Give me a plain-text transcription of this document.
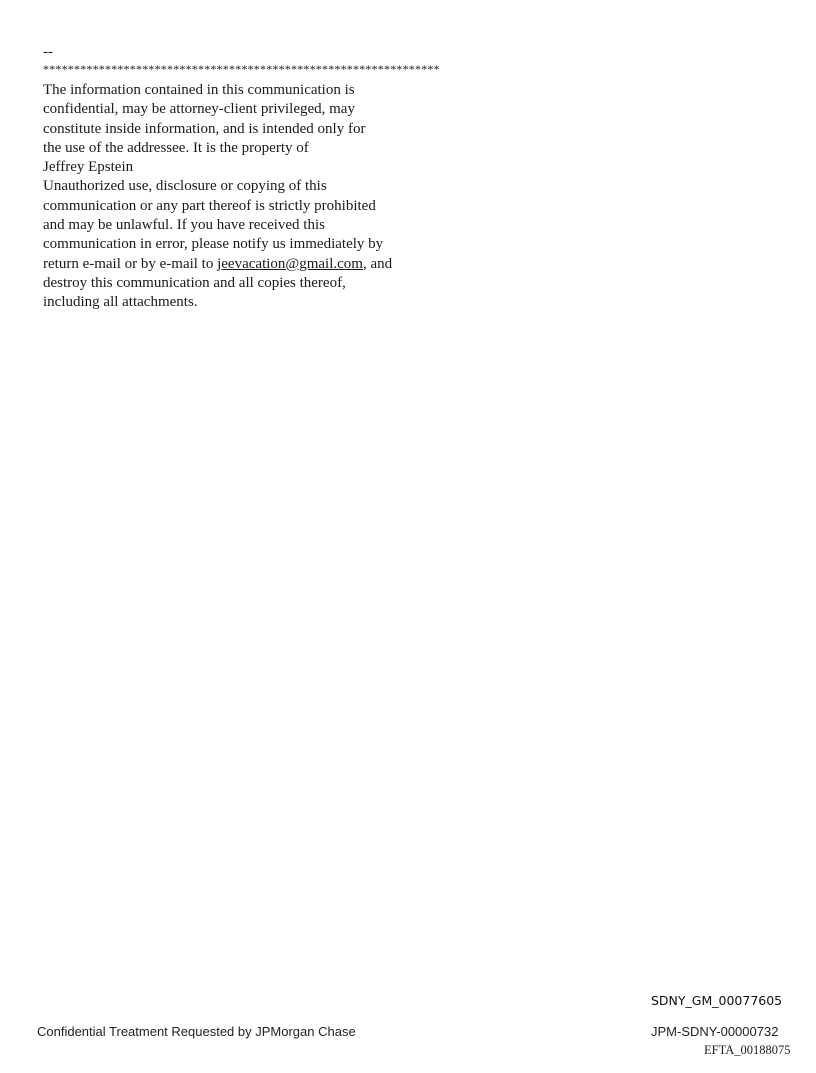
--
****************************************************************
The information contained in this communication is
confidential, may be attorney-client privileged, may
constitute inside information, and is intended only for
the use of the addressee. It is the property of
Jeffrey Epstein
Unauthorized use, disclosure or copying of this
communication or any part thereof is strictly prohibited
and may be unlawful. If you have received this
communication in error, please notify us immediately by
return e-mail or by e-mail to jeevacation@gmail.com, and
destroy this communication and all copies thereof,
including all attachments.
SDNY_GM_00077605
Confidential Treatment Requested by JPMorgan Chase	JPM-SDNY-00000732
EFTA_00188075
